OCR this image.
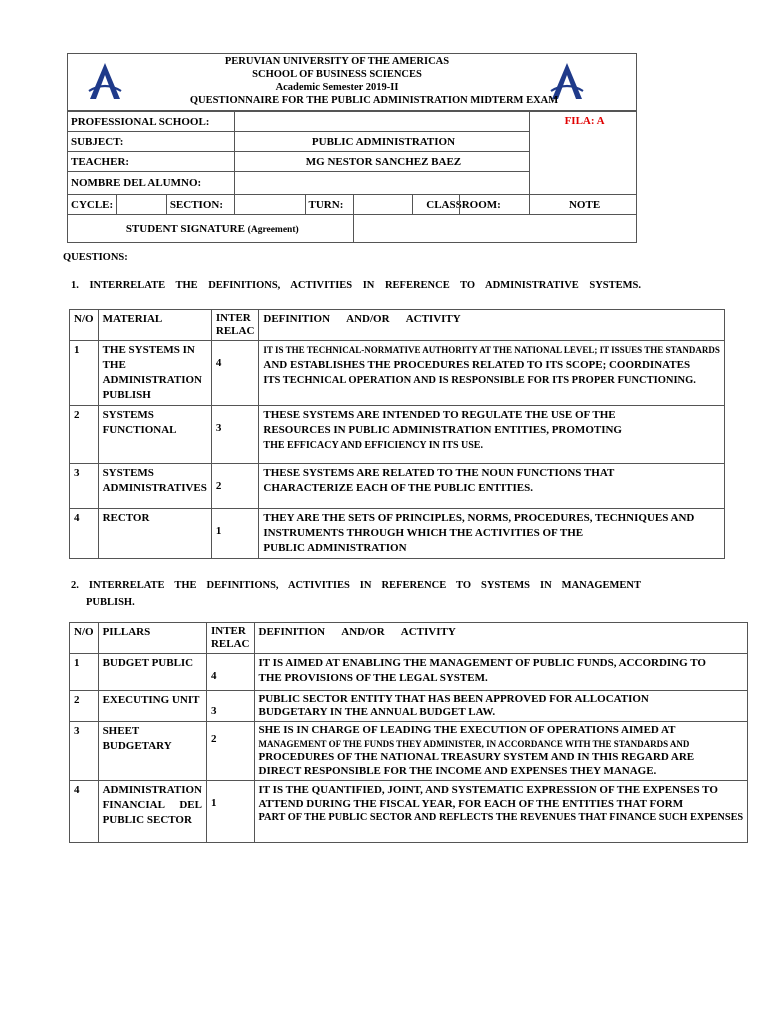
PERUVIAN UNIVERSITY OF THE AMERICAS
SCHOOL OF BUSINESS SCIENCES
Academic Semester 2019-II
QUESTIONNAIRE FOR THE PUBLIC ADMINISTRATION MIDTERM EXAM
PROFESSIONAL SCHOOL:							FILA: A
SUBJECT:			PUBLIC ADMINISTRATION				
TEACHER:			MG NESTOR SANCHEZ BAEZ				
NOMBRE DEL ALUMNO:							
CYCLE:		SECTION:		TURN:		CLASSROOM:	NOTE
STUDENT SIGNATURE (Agreement)							
QUESTIONS:
1. INTERRELATE THE DEFINITIONS, ACTIVITIES IN REFERENCE TO ADMINISTRATIVE SYSTEMS.
N/O	MATERIAL	INTER RELAC	DEFINITION AND/OR ACTIVITY
1	THE SYSTEMS IN THE ADMINISTRATION PUBLISH	4	IT IS THE TECHNICAL-NORMATIVE AUTHORITY AT THE NATIONAL LEVEL; IT ISSUES THE STANDARDS
AND ESTABLISHES THE PROCEDURES RELATED TO ITS SCOPE; COORDINATES
ITS TECHNICAL OPERATION AND IS RESPONSIBLE FOR ITS PROPER FUNCTIONING.

2	SYSTEMS FUNCTIONAL	3	THESE SYSTEMS ARE INTENDED TO REGULATE THE USE OF THE
RESOURCES IN PUBLIC ADMINISTRATION ENTITIES, PROMOTING
THE EFFICACY AND EFFICIENCY IN ITS USE.

3	SYSTEMS ADMINISTRATIVES	2	THESE SYSTEMS ARE RELATED TO THE NOUN FUNCTIONS THAT
CHARACTERIZE EACH OF THE PUBLIC ENTITIES.

4	RECTOR	1	THEY ARE THE SETS OF PRINCIPLES, NORMS, PROCEDURES, TECHNIQUES AND
INSTRUMENTS THROUGH WHICH THE ACTIVITIES OF THE
PUBLIC ADMINISTRATION
2. INTERRELATE THE DEFINITIONS, ACTIVITIES IN REFERENCE TO SYSTEMS IN MANAGEMENT
PUBLISH.
N/O	PILLARS	INTER RELAC	DEFINITION AND/OR ACTIVITY
1	BUDGET PUBLIC	4	IT IS AIMED AT ENABLING THE MANAGEMENT OF PUBLIC FUNDS, ACCORDING TO
THE PROVISIONS OF THE LEGAL SYSTEM.

2	EXECUTING UNIT	3	PUBLIC SECTOR ENTITY THAT HAS BEEN APPROVED FOR ALLOCATION
BUDGETARY IN THE ANNUAL BUDGET LAW.

3	SHEET BUDGETARY	2	SHE IS IN CHARGE OF LEADING THE EXECUTION OF OPERATIONS AIMED AT
MANAGEMENT OF THE FUNDS THEY ADMINISTER, IN ACCORDANCE WITH THE STANDARDS AND
PROCEDURES OF THE NATIONAL TREASURY SYSTEM AND IN THIS REGARD ARE
DIRECT RESPONSIBLE FOR THE INCOME AND EXPENSES THEY MANAGE.

4	ADMINISTRATION FINANCIAL DEL PUBLIC SECTOR	1	IT IS THE QUANTIFIED, JOINT, AND SYSTEMATIC EXPRESSION OF THE EXPENSES TO
ATTEND DURING THE FISCAL YEAR, FOR EACH OF THE ENTITIES THAT FORM
PART OF THE PUBLIC SECTOR AND REFLECTS THE REVENUES THAT FINANCE SUCH EXPENSES
